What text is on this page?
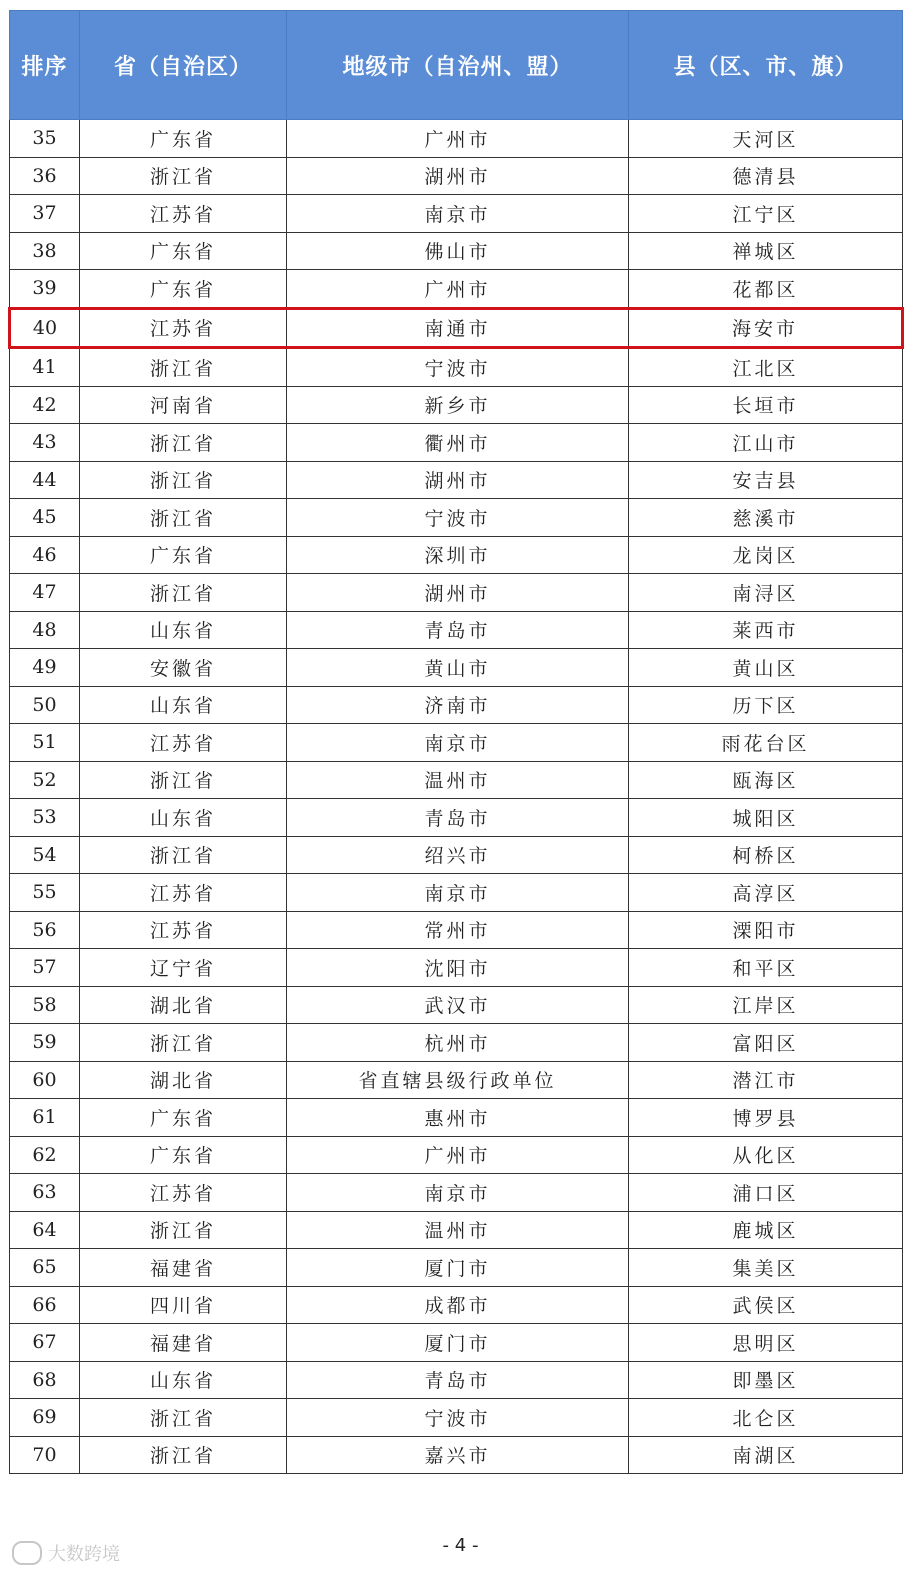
排序	省（自治区）	地级市（自治州、盟）	县（区、市、旗）
35	广东省	广州市	天河区
36	浙江省	湖州市	德清县
37	江苏省	南京市	江宁区
38	广东省	佛山市	禅城区
39	广东省	广州市	花都区
40	江苏省	南通市	海安市
41	浙江省	宁波市	江北区
42	河南省	新乡市	长垣市
43	浙江省	衢州市	江山市
44	浙江省	湖州市	安吉县
45	浙江省	宁波市	慈溪市
46	广东省	深圳市	龙岗区
47	浙江省	湖州市	南浔区
48	山东省	青岛市	莱西市
49	安徽省	黄山市	黄山区
50	山东省	济南市	历下区
51	江苏省	南京市	雨花台区
52	浙江省	温州市	瓯海区
53	山东省	青岛市	城阳区
54	浙江省	绍兴市	柯桥区
55	江苏省	南京市	高淳区
56	江苏省	常州市	溧阳市
57	辽宁省	沈阳市	和平区
58	湖北省	武汉市	江岸区
59	浙江省	杭州市	富阳区
60	湖北省	省直辖县级行政单位	潜江市
61	广东省	惠州市	博罗县
62	广东省	广州市	从化区
63	江苏省	南京市	浦口区
64	浙江省	温州市	鹿城区
65	福建省	厦门市	集美区
66	四川省	成都市	武侯区
67	福建省	厦门市	思明区
68	山东省	青岛市	即墨区
69	浙江省	宁波市	北仑区
70	浙江省	嘉兴市	南湖区
大数跨境	- 4 -
